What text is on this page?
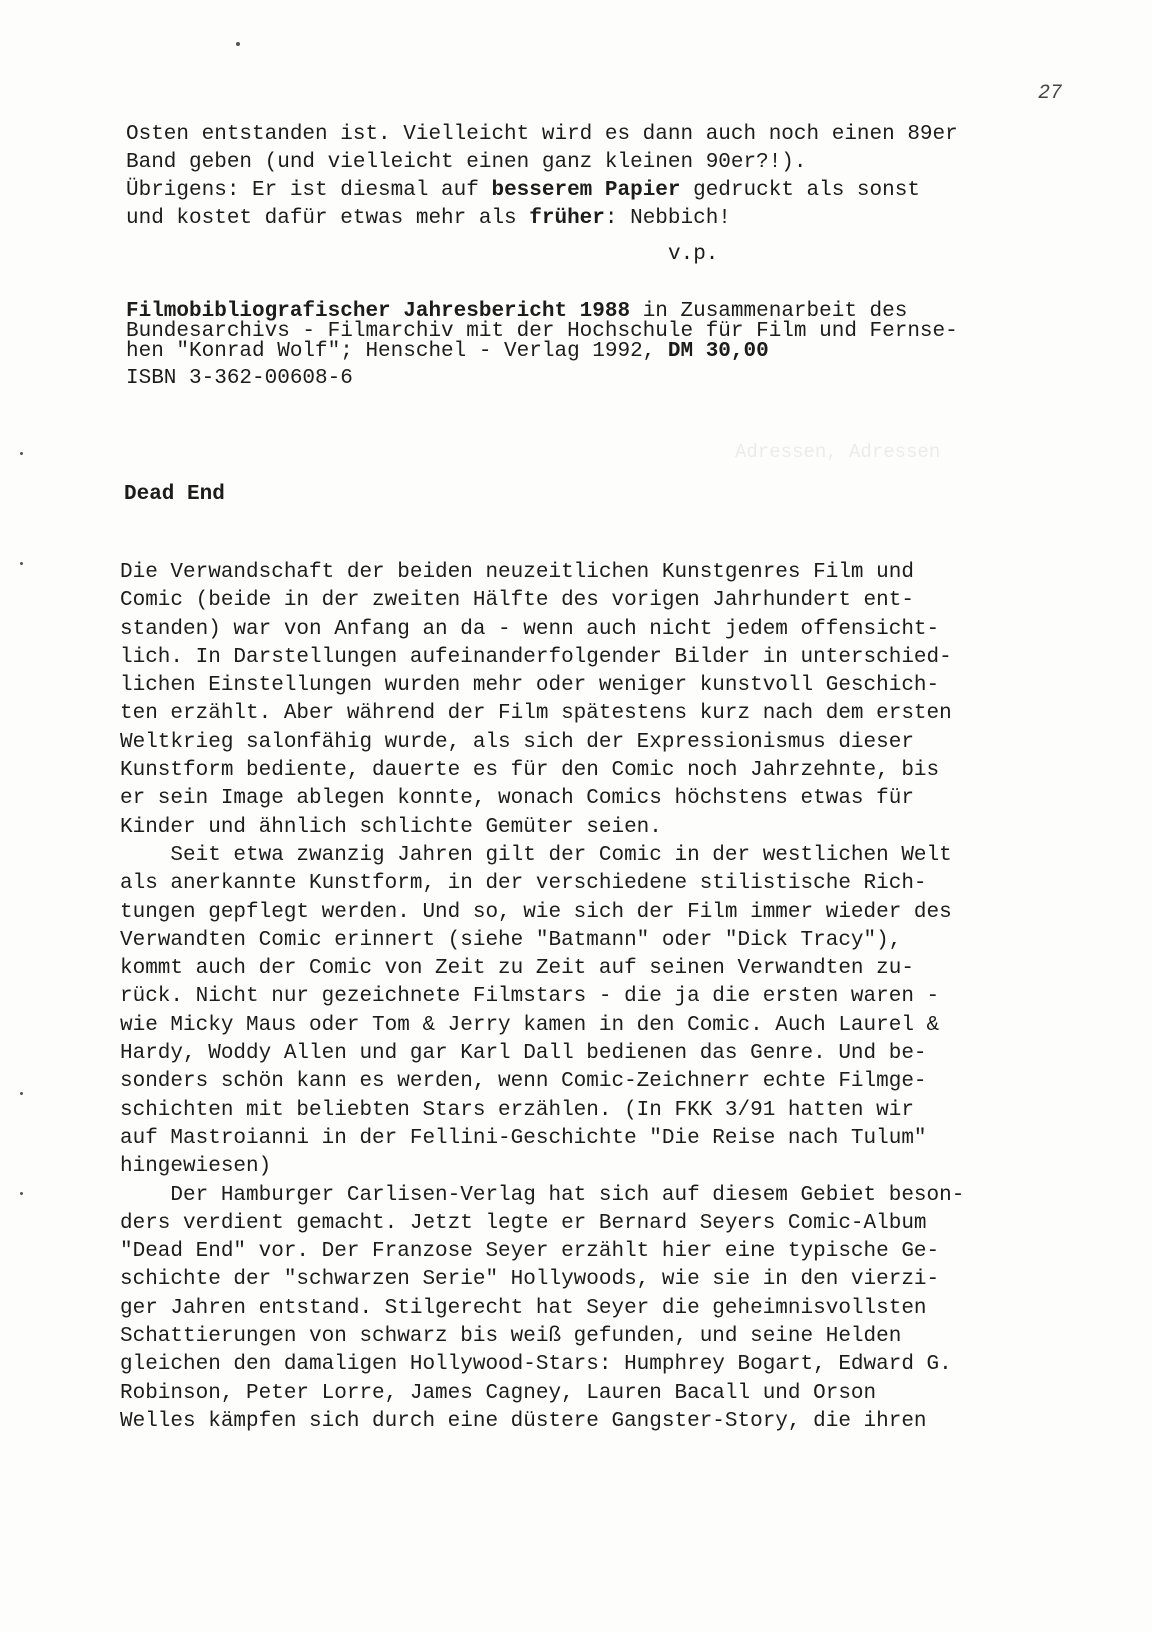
27
Osten entstanden ist. Vielleicht wird es dann auch noch einen 89er
Band geben (und vielleicht einen ganz kleinen 90er?!).
Übrigens: Er ist diesmal auf besserem Papier gedruckt als sonst
und kostet dafür etwas mehr als früher: Nebbich!
v.p.
Filmobibliografischer Jahresbericht 1988 in Zusammenarbeit des
Bundesarchivs - Filmarchiv mit der Hochschule für Film und Fernse-
hen "Konrad Wolf"; Henschel - Verlag 1992, DM 30,00
ISBN 3-362-00608-6
Adressen, Adressen
Dead End
Die Verwandschaft der beiden neuzeitlichen Kunstgenres Film und
Comic (beide in der zweiten Hälfte des vorigen Jahrhundert ent-
standen) war von Anfang an da - wenn auch nicht jedem offensicht-
lich. In Darstellungen aufeinanderfolgender Bilder in unterschied-
lichen Einstellungen wurden mehr oder weniger kunstvoll Geschich-
ten erzählt. Aber während der Film spätestens kurz nach dem ersten
Weltkrieg salonfähig wurde, als sich der Expressionismus dieser
Kunstform bediente, dauerte es für den Comic noch Jahrzehnte, bis
er sein Image ablegen konnte, wonach Comics höchstens etwas für
Kinder und ähnlich schlichte Gemüter seien.
Seit etwa zwanzig Jahren gilt der Comic in der westlichen Welt
als anerkannte Kunstform, in der verschiedene stilistische Rich-
tungen gepflegt werden. Und so, wie sich der Film immer wieder des
Verwandten Comic erinnert (siehe "Batmann" oder "Dick Tracy"),
kommt auch der Comic von Zeit zu Zeit auf seinen Verwandten zu-
rück. Nicht nur gezeichnete Filmstars - die ja die ersten waren -
wie Micky Maus oder Tom & Jerry kamen in den Comic. Auch Laurel &
Hardy, Woddy Allen und gar Karl Dall bedienen das Genre. Und be-
sonders schön kann es werden, wenn Comic-Zeichnerr echte Filmge-
schichten mit beliebten Stars erzählen. (In FKK 3/91 hatten wir
auf Mastroianni in der Fellini-Geschichte "Die Reise nach Tulum"
hingewiesen)
Der Hamburger Carlisen-Verlag hat sich auf diesem Gebiet beson-
ders verdient gemacht. Jetzt legte er Bernard Seyers Comic-Album
"Dead End" vor. Der Franzose Seyer erzählt hier eine typische Ge-
schichte der "schwarzen Serie" Hollywoods, wie sie in den vierzi-
ger Jahren entstand. Stilgerecht hat Seyer die geheimnisvollsten
Schattierungen von schwarz bis weiß gefunden, und seine Helden
gleichen den damaligen Hollywood-Stars: Humphrey Bogart, Edward G.
Robinson, Peter Lorre, James Cagney, Lauren Bacall und Orson
Welles kämpfen sich durch eine düstere Gangster-Story, die ihren
